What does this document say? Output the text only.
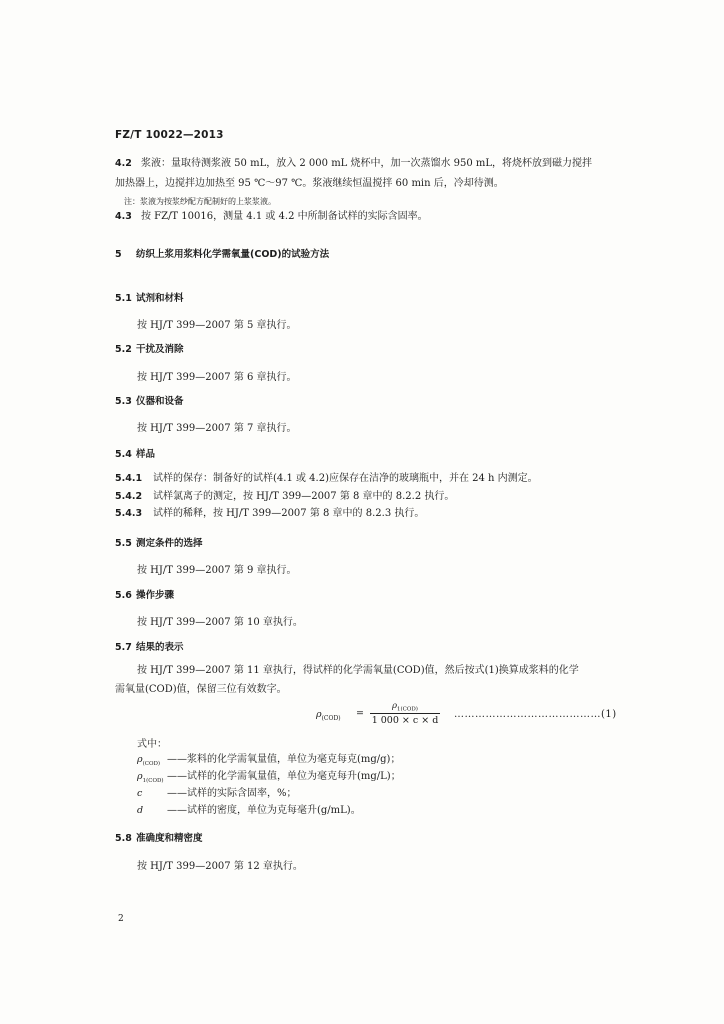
FZ/T 10022—2013
4.2 浆液：量取待测浆液 50 mL，放入 2 000 mL 烧杯中，加一次蒸馏水 950 mL，将烧杯放到磁力搅拌
加热器上，边搅拌边加热至 95 ℃～97 ℃。浆液继续恒温搅拌 60 min 后，冷却待测。
注：浆液为按浆纱配方配制好的上浆浆液。
4.3 按 FZ/T 10016，测量 4.1 或 4.2 中所制备试样的实际含固率。
5 纺织上浆用浆料化学需氧量(COD)的试验方法
5.1 试剂和材料
按 HJ/T 399—2007 第 5 章执行。
5.2 干扰及消除
按 HJ/T 399—2007 第 6 章执行。
5.3 仪器和设备
按 HJ/T 399—2007 第 7 章执行。
5.4 样品
5.4.1 试样的保存：制备好的试样(4.1 或 4.2)应保存在洁净的玻璃瓶中，并在 24 h 内测定。
5.4.2 试样氯离子的测定，按 HJ/T 399—2007 第 8 章中的 8.2.2 执行。
5.4.3 试样的稀释，按 HJ/T 399—2007 第 8 章中的 8.2.3 执行。
5.5 测定条件的选择
按 HJ/T 399—2007 第 9 章执行。
5.6 操作步骤
按 HJ/T 399—2007 第 10 章执行。
5.7 结果的表示
按 HJ/T 399—2007 第 11 章执行，得试样的化学需氧量(COD)值，然后按式(1)换算成浆料的化学
需氧量(COD)值，保留三位有效数字。
$\rho_{(COD)}$ =
$\rho_{1(COD)}$
1 000 × c × d
……………………………………(1)
式中：
$\rho_{(COD)}$ ——浆料的化学需氧量值，单位为毫克每克(mg/g)；
$\rho_{1(COD)}$ ——试样的化学需氧量值，单位为毫克每升(mg/L)；
c ——试样的实际含固率，%；
d ——试样的密度，单位为克每毫升(g/mL)。
5.8 准确度和精密度
按 HJ/T 399—2007 第 12 章执行。
2
